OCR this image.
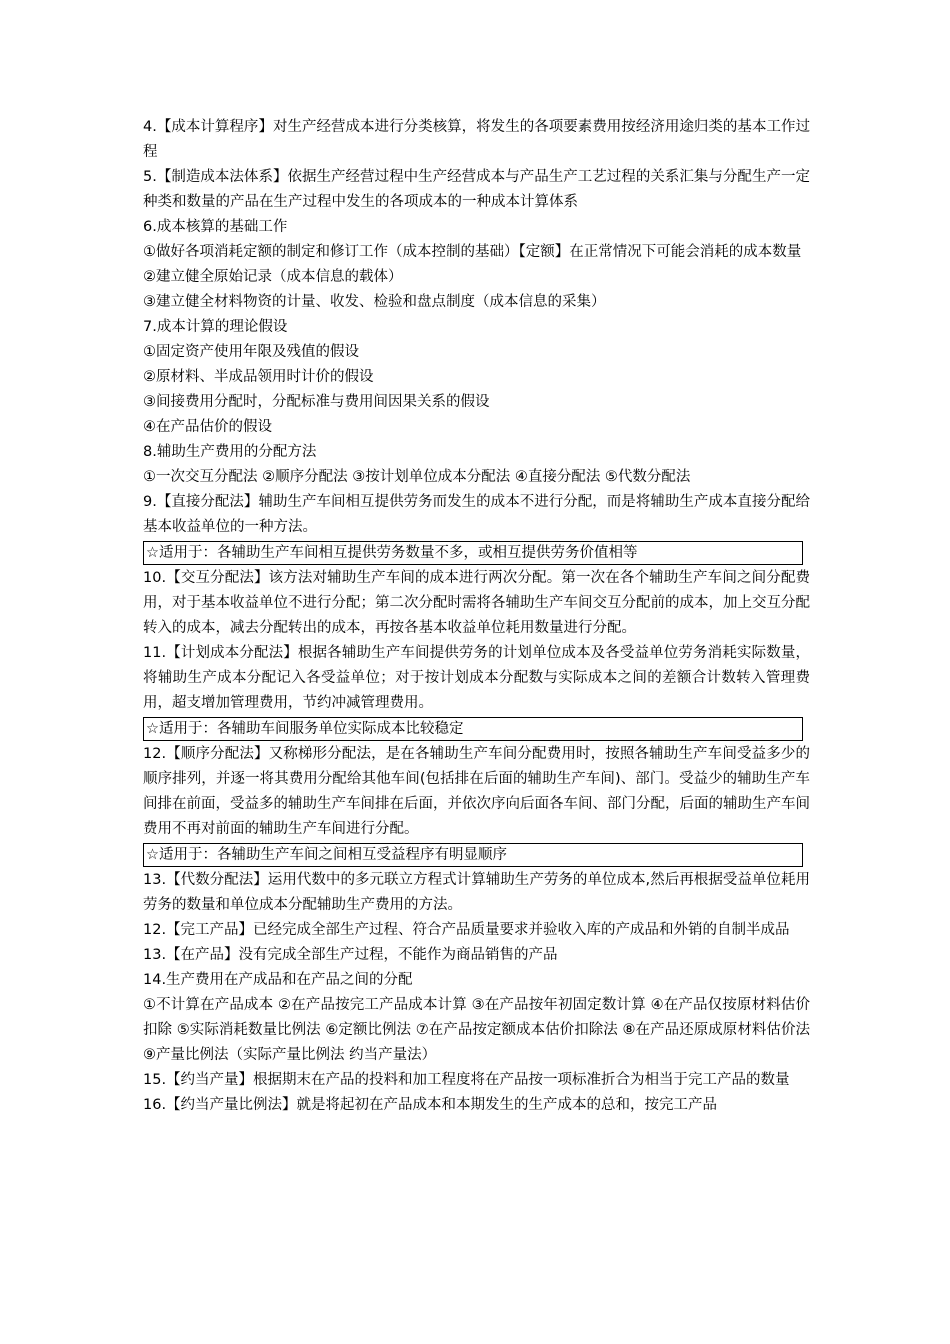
4.【成本计算程序】对生产经营成本进行分类核算，将发生的各项要素费用按经济用途归类的基本工作过程

5.【制造成本法体系】依据生产经营过程中生产经营成本与产品生产工艺过程的关系汇集与分配生产一定种类和数量的产品在生产过程中发生的各项成本的一种成本计算体系

6.成本核算的基础工作

①做好各项消耗定额的制定和修订工作（成本控制的基础）【定额】在正常情况下可能会消耗的成本数量

②建立健全原始记录（成本信息的载体）

③建立健全材料物资的计量、收发、检验和盘点制度（成本信息的采集）

7.成本计算的理论假设

①固定资产使用年限及残值的假设

②原材料、半成品领用时计价的假设

③间接费用分配时，分配标准与费用间因果关系的假设

④在产品估价的假设

8.辅助生产费用的分配方法

①一次交互分配法 ②顺序分配法 ③按计划单位成本分配法 ④直接分配法 ⑤代数分配法

9.【直接分配法】辅助生产车间相互提供劳务而发生的成本不进行分配，而是将辅助生产成本直接分配给基本收益单位的一种方法。

☆适用于：各辅助生产车间相互提供劳务数量不多，或相互提供劳务价值相等

10.【交互分配法】该方法对辅助生产车间的成本进行两次分配。第一次在各个辅助生产车间之间分配费用，对于基本收益单位不进行分配；第二次分配时需将各辅助生产车间交互分配前的成本，加上交互分配转入的成本，减去分配转出的成本，再按各基本收益单位耗用数量进行分配。

11.【计划成本分配法】根据各辅助生产车间提供劳务的计划单位成本及各受益单位劳务消耗实际数量，将辅助生产成本分配记入各受益单位；对于按计划成本分配数与实际成本之间的差额合计数转入管理费用，超支增加管理费用，节约冲减管理费用。

☆适用于：各辅助车间服务单位实际成本比较稳定

12.【顺序分配法】又称梯形分配法，是在各辅助生产车间分配费用时，按照各辅助生产车间受益多少的顺序排列，并逐一将其费用分配给其他车间(包括排在后面的辅助生产车间)、部门。受益少的辅助生产车间排在前面，受益多的辅助生产车间排在后面，并依次序向后面各车间、部门分配，后面的辅助生产车间费用不再对前面的辅助生产车间进行分配。

☆适用于：各辅助生产车间之间相互受益程序有明显顺序

13.【代数分配法】运用代数中的多元联立方程式计算辅助生产劳务的单位成本,然后再根据受益单位耗用劳务的数量和单位成本分配辅助生产费用的方法。

12.【完工产品】已经完成全部生产过程、符合产品质量要求并验收入库的产成品和外销的自制半成品

13.【在产品】没有完成全部生产过程，不能作为商品销售的产品

14.生产费用在产成品和在产品之间的分配

①不计算在产品成本 ②在产品按完工产品成本计算 ③在产品按年初固定数计算 ④在产品仅按原材料估价扣除 ⑤实际消耗数量比例法 ⑥定额比例法 ⑦在产品按定额成本估价扣除法 ⑧在产品还原成原材料估价法 ⑨产量比例法（实际产量比例法 约当产量法）

15.【约当产量】根据期末在产品的投料和加工程度将在产品按一项标准折合为相当于完工产品的数量

16.【约当产量比例法】就是将起初在产品成本和本期发生的生产成本的总和，按完工产品
